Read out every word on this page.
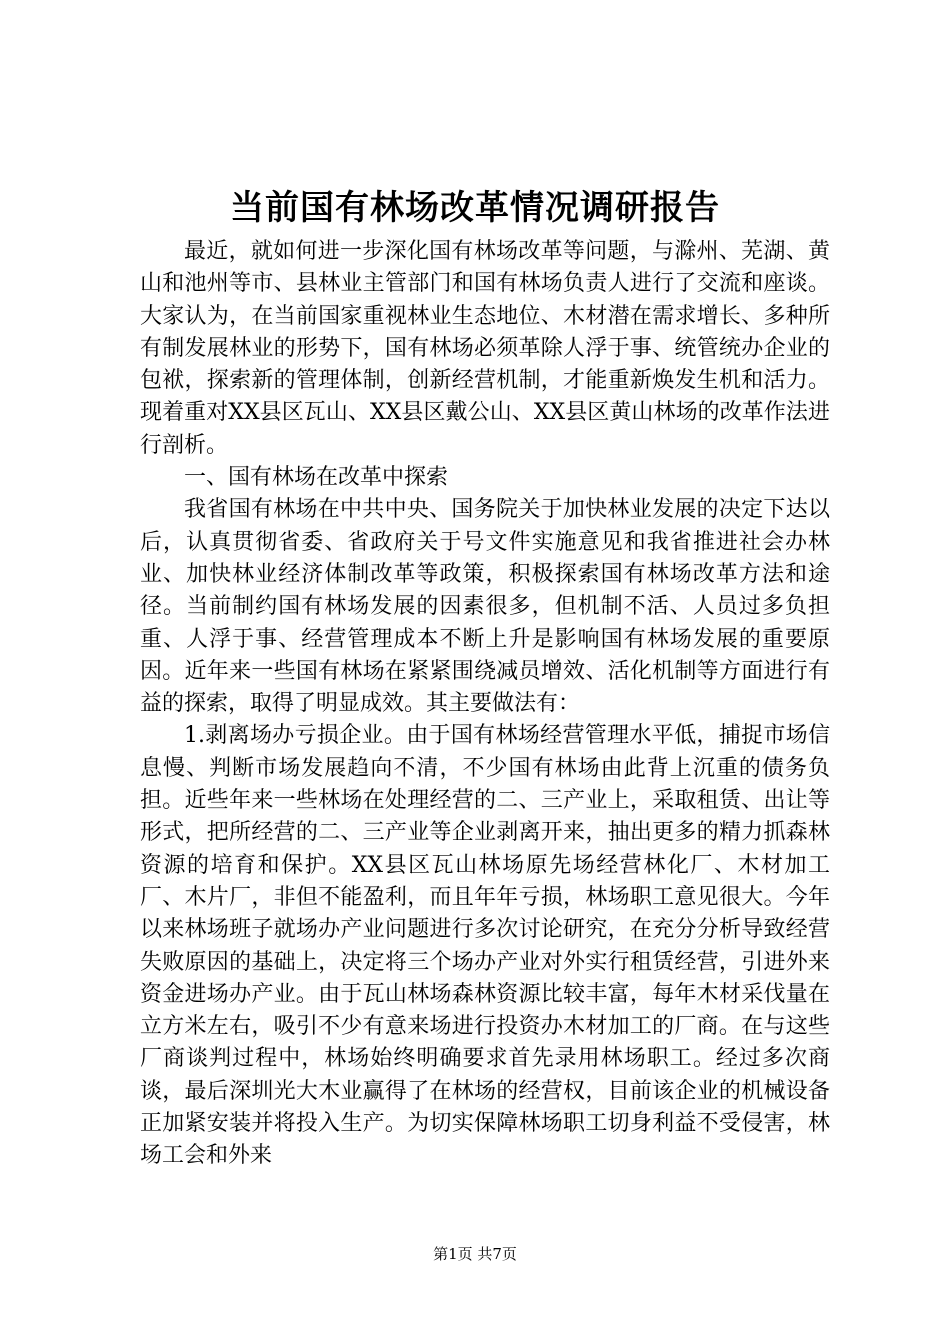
当前国有林场改革情况调研报告

最近，就如何进一步深化国有林场改革等问题，与滁州、芜湖、黄山和池州等市、县林业主管部门和国有林场负责人进行了交流和座谈。大家认为，在当前国家重视林业生态地位、木材潜在需求增长、多种所有制发展林业的形势下，国有林场必须革除人浮于事、统管统办企业的包袱，探索新的管理体制，创新经营机制，才能重新焕发生机和活力。现着重对XX县区瓦山、XX县区戴公山、XX县区黄山林场的改革作法进行剖析。

一、国有林场在改革中探索

我省国有林场在中共中央、国务院关于加快林业发展的决定下达以后，认真贯彻省委、省政府关于号文件实施意见和我省推进社会办林业、加快林业经济体制改革等政策，积极探索国有林场改革方法和途径。当前制约国有林场发展的因素很多，但机制不活、人员过多负担重、人浮于事、经营管理成本不断上升是影响国有林场发展的重要原因。近年来一些国有林场在紧紧围绕减员增效、活化机制等方面进行有益的探索，取得了明显成效。其主要做法有：

1.剥离场办亏损企业。由于国有林场经营管理水平低，捕捉市场信息慢、判断市场发展趋向不清，不少国有林场由此背上沉重的债务负担。近些年来一些林场在处理经营的二、三产业上，采取租赁、出让等形式，把所经营的二、三产业等企业剥离开来，抽出更多的精力抓森林资源的培育和保护。XX县区瓦山林场原先场经营林化厂、木材加工厂、木片厂，非但不能盈利，而且年年亏损，林场职工意见很大。今年以来林场班子就场办产业问题进行多次讨论研究，在充分分析导致经营失败原因的基础上，决定将三个场办产业对外实行租赁经营，引进外来资金进场办产业。由于瓦山林场森林资源比较丰富，每年木材采伐量在立方米左右，吸引不少有意来场进行投资办木材加工的厂商。在与这些厂商谈判过程中，林场始终明确要求首先录用林场职工。经过多次商谈，最后深圳光大木业赢得了在林场的经营权，目前该企业的机械设备正加紧安装并将投入生产。为切实保障林场职工切身利益不受侵害，林场工会和外来

第1页 共7页
